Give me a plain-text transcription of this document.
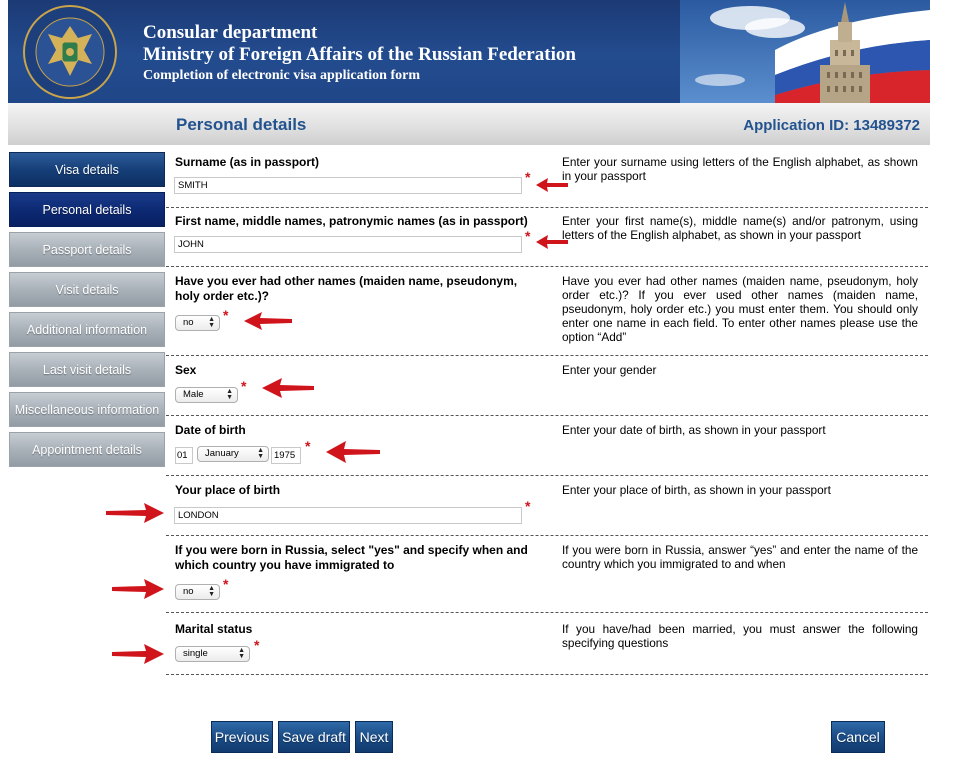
Consular department
Ministry of Foreign Affairs of the Russian Federation
Completion of electronic visa application form
Personal details	Application ID: 13489372
Visa details
Personal details
Passport details
Visit details
Additional information
Last visit details
Miscellaneous information
Appointment details
Surname (as in passport)
SMITH
*
Enter your surname using letters of the English alphabet, as shown in your passport
First name, middle names, patronymic names (as in passport)
JOHN
*
Enter your first name(s), middle name(s) and/or patronym, using letters of the English alphabet, as shown in your passport
Have you ever had other names (maiden name, pseudonym, holy order etc.)?
no ▲
▼
*
Have you ever had other names (maiden name, pseudonym, holy order etc.)? If you ever used other names (maiden name, pseudonym, holy order etc.) you must enter them. You should only enter one name in each field. To enter other names please use the option “Add”
Sex
Male	▲
▼
*
Enter your gender
Date of birth
01	January	▲
▼	1975
*
Enter your date of birth, as shown in your passport
Your place of birth
LONDON
*
Enter your place of birth, as shown in your passport
If you were born in Russia, select "yes" and specify when and which country you have immigrated to
no ▲
▼
*
If you were born in Russia, answer “yes” and enter the name of the country which you immigrated to and when
Marital status
single	▲
▼
*
If you have/had been married, you must answer the following specifying questions
Previous Save draft Next	Cancel
